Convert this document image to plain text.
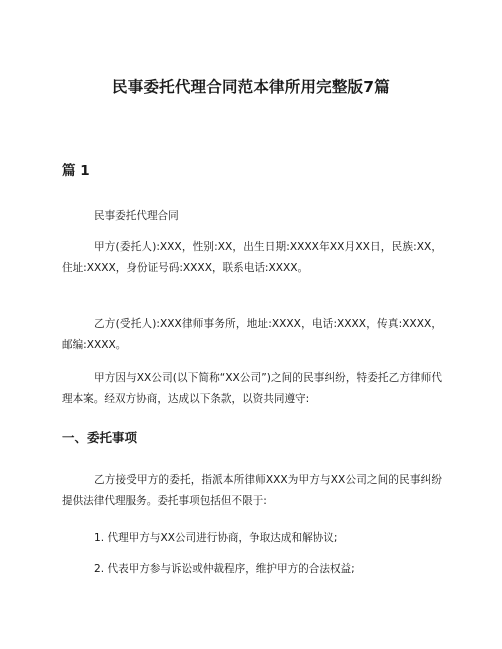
民事委托代理合同范本律所用完整版7篇
篇 1
民事委托代理合同
甲方(委托人):XXX，性别:XX，出生日期:XXXX年XX月XX日，民族:XX，住址:XXXX，身份证号码:XXXX，联系电话:XXXX。
乙方(受托人):XXX律师事务所，地址:XXXX，电话:XXXX，传真:XXXX，邮编:XXXX。
甲方因与XX公司(以下简称“XX公司”)之间的民事纠纷，特委托乙方律师代理本案。经双方协商，达成以下条款，以资共同遵守:
一、委托事项
乙方接受甲方的委托，指派本所律师XXX为甲方与XX公司之间的民事纠纷提供法律代理服务。委托事项包括但不限于:
1. 代理甲方与XX公司进行协商，争取达成和解协议;
2. 代表甲方参与诉讼或仲裁程序，维护甲方的合法权益;
